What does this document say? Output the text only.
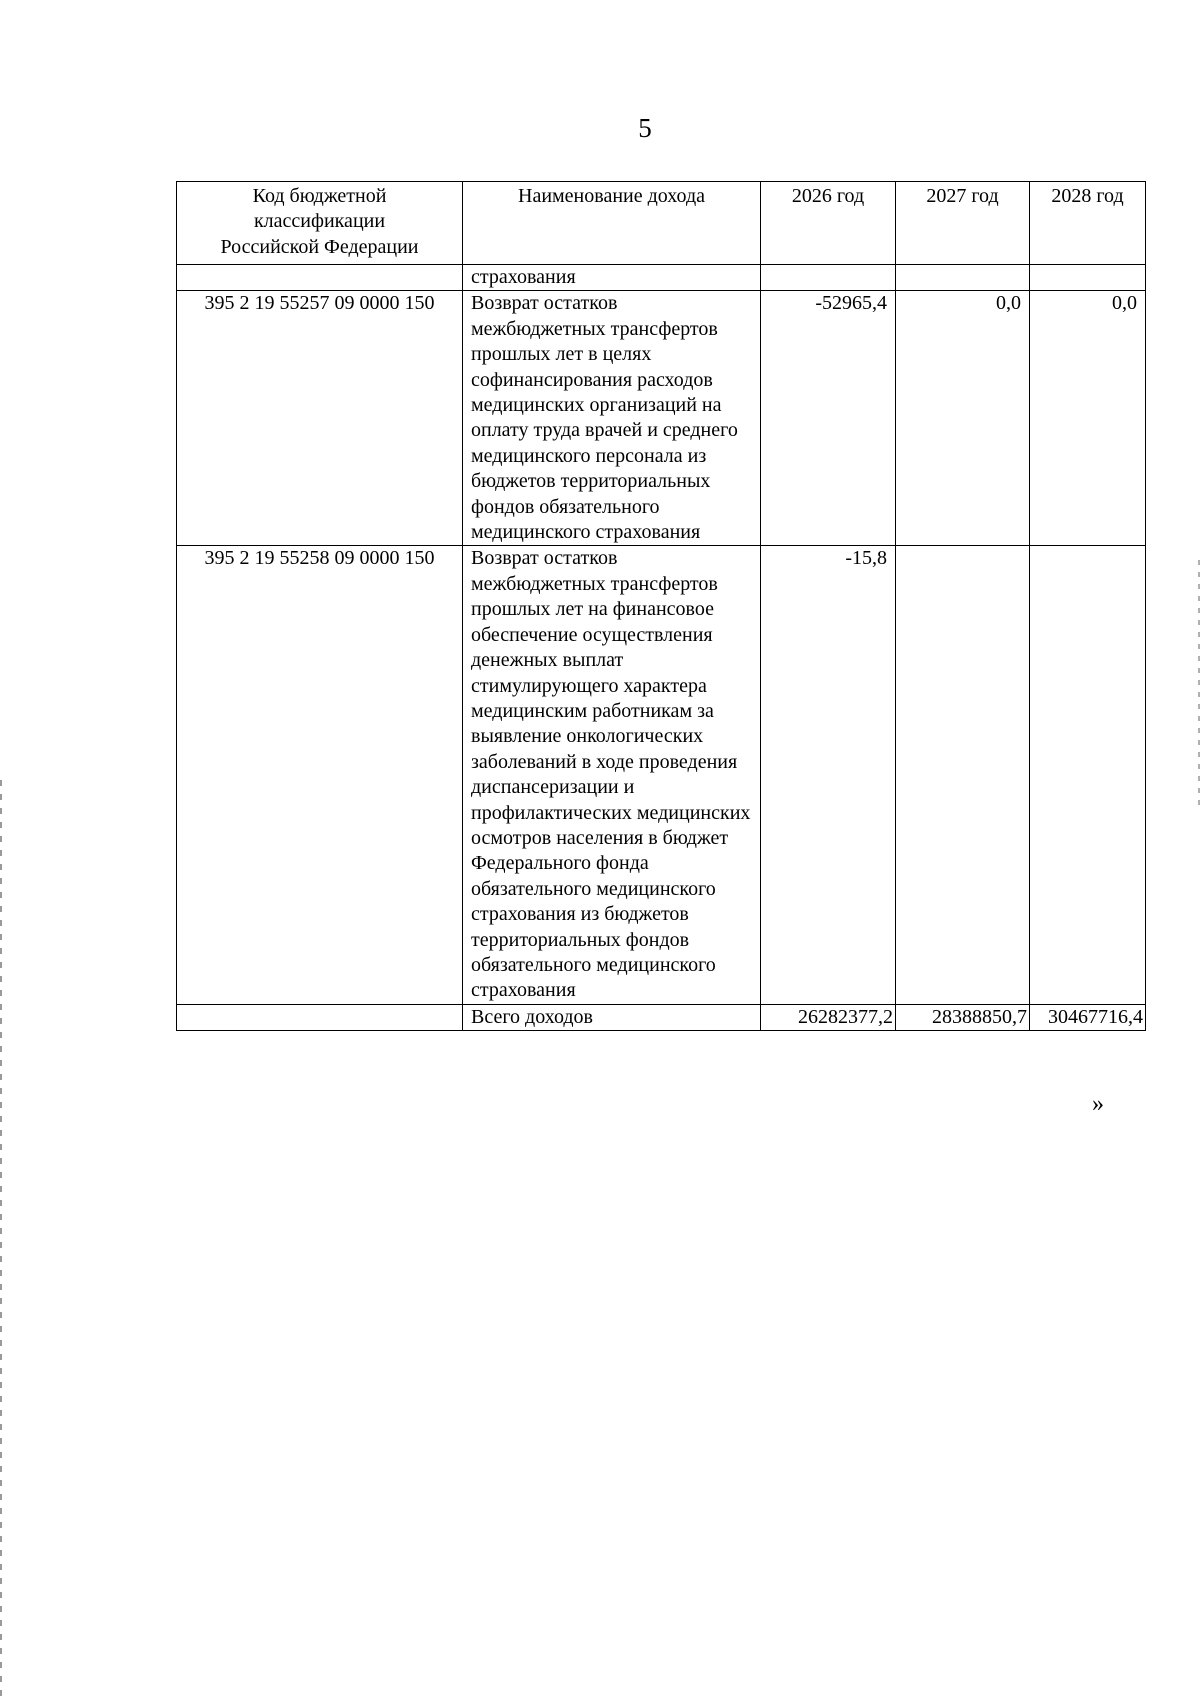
5
Код бюджетной классификации Российской Федерации	Наименование дохода	2026 год	2027 год	2028 год
	страхования			
395 2 19 55257 09 0000 150	Возврат остатков межбюджетных трансфертов прошлых лет в целях софинансирования расходов медицинских организаций на оплату труда врачей и среднего медицинского персонала из бюджетов территориальных фондов обязательного медицинского страхования	-52965,4	0,0	0,0
395 2 19 55258 09 0000 150	Возврат остатков межбюджетных трансфертов прошлых лет на финансовое обеспечение осуществления денежных выплат стимулирующего характера медицинским работникам за выявление онкологических заболеваний в ходе проведения диспансеризации и профилактических медицинских осмотров населения в бюджет Федерального фонда обязательного медицинского страхования из бюджетов территориальных фондов обязательного медицинского страхования	-15,8		
	Всего доходов	26282377,2	28388850,7	30467716,4
»
